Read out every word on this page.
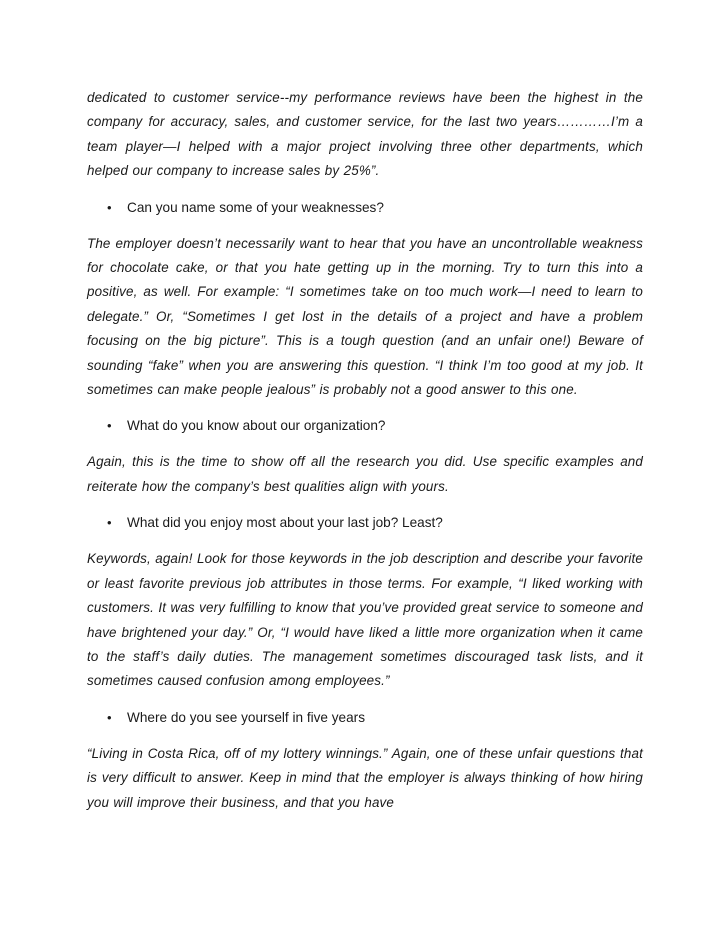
dedicated to customer service--my performance reviews have been the highest in the company for accuracy, sales, and customer service, for the last two years…………I’m a team player—I helped with a major project involving three other departments, which helped our company to increase sales by 25%”.

•	Can you name some of your weaknesses?

The employer doesn’t necessarily want to hear that you have an uncontrollable weakness for chocolate cake, or that you hate getting up in the morning. Try to turn this into a positive, as well. For example: “I sometimes take on too much work—I need to learn to delegate.” Or, “Sometimes I get lost in the details of a project and have a problem focusing on the big picture”. This is a tough question (and an unfair one!) Beware of sounding “fake” when you are answering this question. “I think I’m too good at my job. It sometimes can make people jealous” is probably not a good answer to this one.

•	What do you know about our organization?

Again, this is the time to show off all the research you did. Use specific examples and reiterate how the company’s best qualities align with yours.

•	What did you enjoy most about your last job? Least?

Keywords, again! Look for those keywords in the job description and describe your favorite or least favorite previous job attributes in those terms. For example, “I liked working with customers. It was very fulfilling to know that you’ve provided great service to someone and have brightened your day.” Or, “I would have liked a little more organization when it came to the staff’s daily duties. The management sometimes discouraged task lists, and it sometimes caused confusion among employees.”

•	Where do you see yourself in five years

“Living in Costa Rica, off of my lottery winnings.” Again, one of these unfair questions that is very difficult to answer. Keep in mind that the employer is always thinking of how hiring you will improve their business, and that you have
